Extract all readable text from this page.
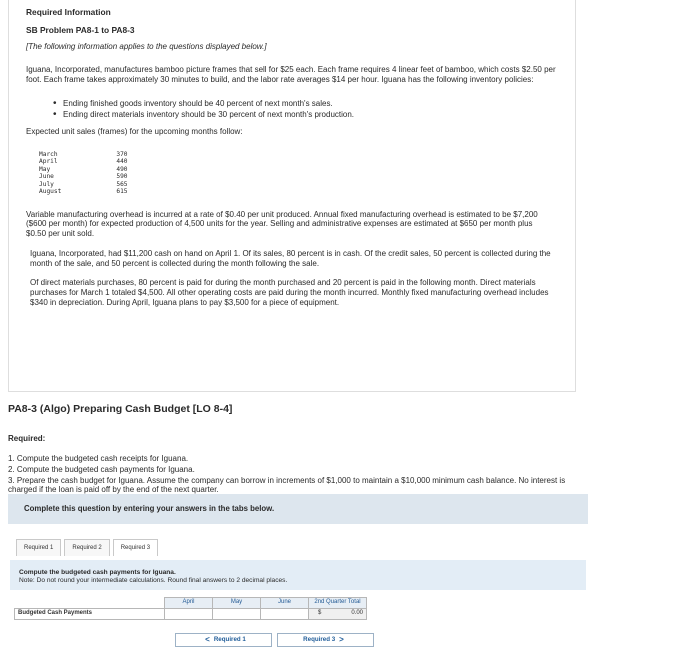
Required Information
SB Problem PA8-1 to PA8-3
[The following information applies to the questions displayed below.]
Iguana, Incorporated, manufactures bamboo picture frames that sell for $25 each. Each frame requires 4 linear feet of bamboo, which costs $2.50 per foot. Each frame takes approximately 30 minutes to build, and the labor rate averages $14 per hour. Iguana has the following inventory policies:
• Ending finished goods inventory should be 40 percent of next month's sales.
• Ending direct materials inventory should be 30 percent of next month's production.
Expected unit sales (frames) for the upcoming months follow:
March	370
April	440
May	490
June	590
July	565
August	615
Variable manufacturing overhead is incurred at a rate of $0.40 per unit produced. Annual fixed manufacturing overhead is estimated to be $7,200 ($600 per month) for expected production of 4,500 units for the year. Selling and administrative expenses are estimated at $650 per month plus $0.50 per unit sold.
Iguana, Incorporated, had $11,200 cash on hand on April 1. Of its sales, 80 percent is in cash. Of the credit sales, 50 percent is collected during the month of the sale, and 50 percent is collected during the month following the sale.
Of direct materials purchases, 80 percent is paid for during the month purchased and 20 percent is paid in the following month. Direct materials purchases for March 1 totaled $4,500. All other operating costs are paid during the month incurred. Monthly fixed manufacturing overhead includes $340 in depreciation. During April, Iguana plans to pay $3,500 for a piece of equipment.
PA8-3 (Algo) Preparing Cash Budget [LO 8-4]
Required:
1. Compute the budgeted cash receipts for Iguana.
2. Compute the budgeted cash payments for Iguana.
3. Prepare the cash budget for Iguana. Assume the company can borrow in increments of $1,000 to maintain a $10,000 minimum cash balance. No interest is charged if the loan is paid off by the end of the next quarter.
Complete this question by entering your answers in the tabs below.
Required 1	Required 2	Required 3
Compute the budgeted cash payments for Iguana.
Note: Do not round your intermediate calculations. Round final answers to 2 decimal places.
	April	May	June	2nd Quarter Total
Budgeted Cash Payments				$ 0.00
< Required 1	Required 3 >
